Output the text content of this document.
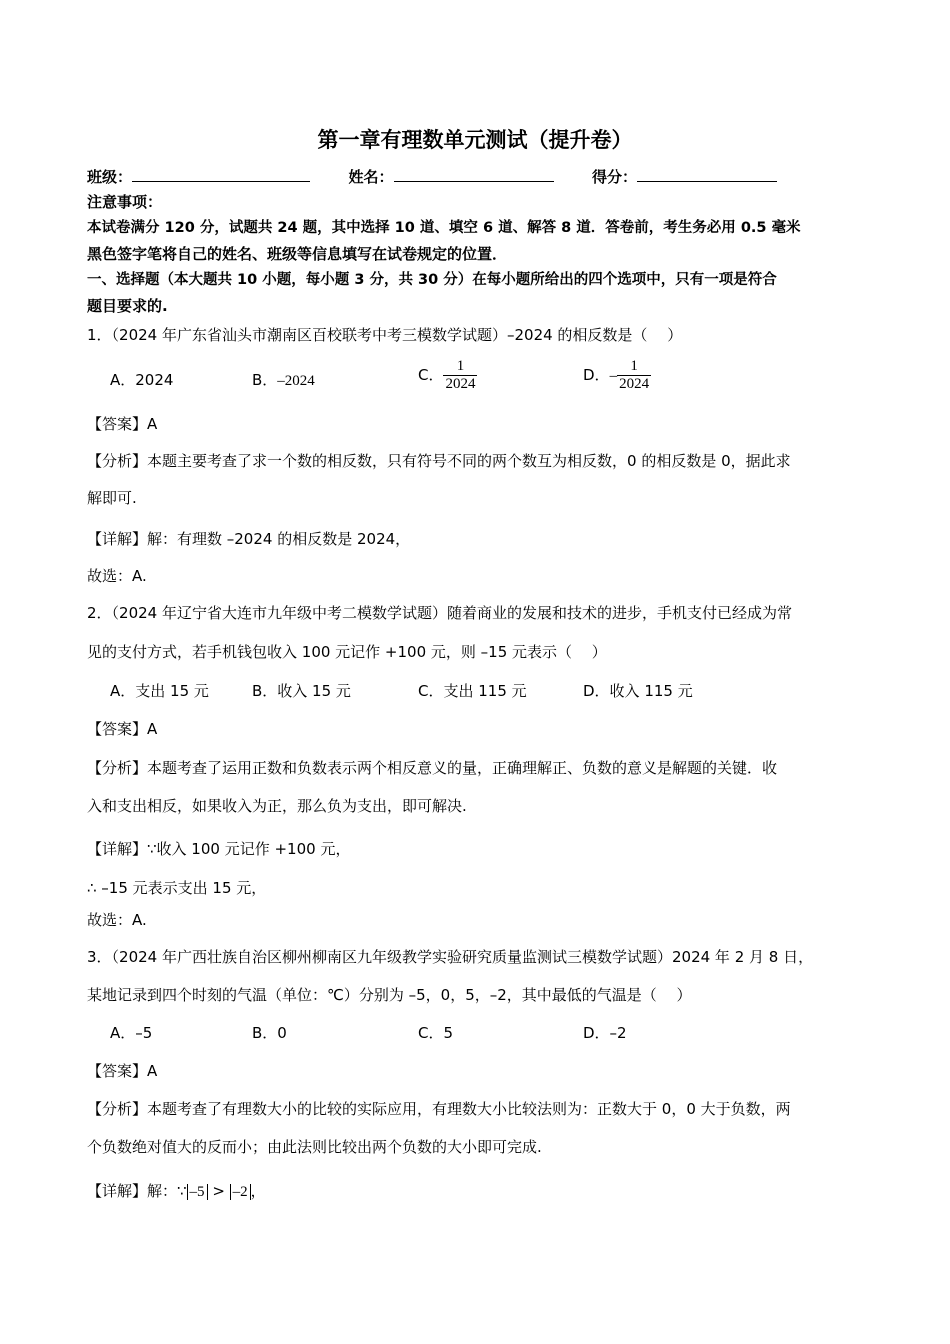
第一章有理数单元测试（提升卷）
班级：	姓名：	得分：
注意事项：
本试卷满分 120 分，试题共 24 题，其中选择 10 道、填空 6 道、解答 8 道．答卷前，考生务必用 0.5 毫米
黑色签字笔将自己的姓名、班级等信息填写在试卷规定的位置．
一、选择题（本大题共 10 小题，每小题 3 分，共 30 分）在每小题所给出的四个选项中，只有一项是符合
题目要求的.
1．（2024 年广东省汕头市潮南区百校联考中考三模数学试题）–2024 的相反数是（　 ）
A．2024	B．–2024	C． $\frac{1}{2024}$	D．– $\frac{1}{2024}$
【答案】A
【分析】本题主要考查了求一个数的相反数，只有符号不同的两个数互为相反数，0 的相反数是 0，据此求
解即可.
【详解】解：有理数 –2024 的相反数是 2024，
故选：A.
2．（2024 年辽宁省大连市九年级中考二模数学试题）随着商业的发展和技术的进步，手机支付已经成为常
见的支付方式，若手机钱包收入 100 元记作 +100 元，则 –15 元表示（　 ）
A．支出 15 元	B．收入 15 元	C．支出 115 元	D．收入 115 元
【答案】A
【分析】本题考查了运用正数和负数表示两个相反意义的量，正确理解正、负数的意义是解题的关键．收
入和支出相反，如果收入为正，那么负为支出，即可解决.
【详解】∵收入 100 元记作 +100 元，
∴ –15 元表示支出 15 元，
故选：A.
3．（2024 年广西壮族自治区柳州柳南区九年级教学实验研究质量监测试三模数学试题）2024 年 2 月 8 日，
某地记录到四个时刻的气温（单位：℃）分别为 –5，0，5，–2，其中最低的气温是（　 ）
A．–5	B．0	C．5	D．–2
【答案】A
【分析】本题考查了有理数大小的比较的实际应用，有理数大小比较法则为：正数大于 0，0 大于负数，两
个负数绝对值大的反而小；由此法则比较出两个负数的大小即可完成.
【详解】解：∵ –5 > –2 ，
